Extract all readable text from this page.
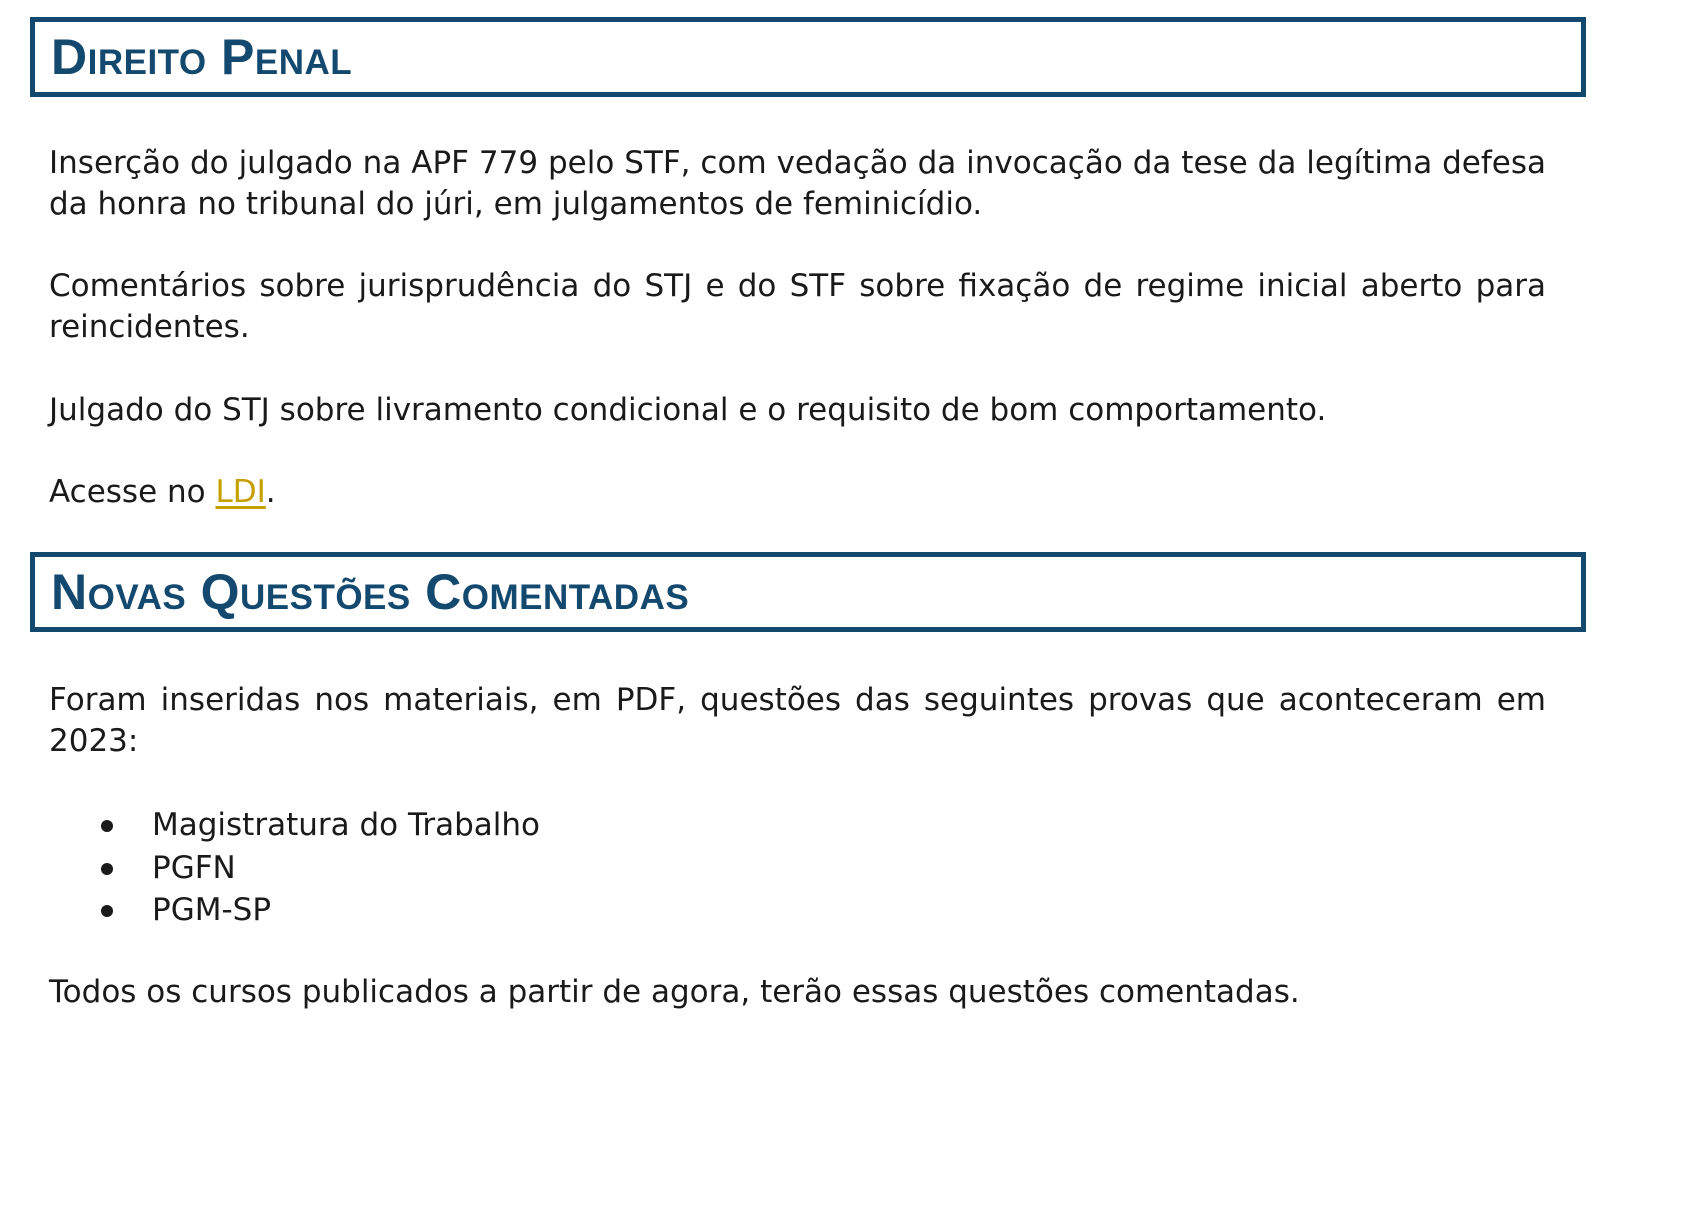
Direito Penal

Inserção do julgado na APF 779 pelo STF, com vedação da invocação da tese da legítima defesa da honra no tribunal do júri, em julgamentos de feminicídio.

Comentários sobre jurisprudência do STJ e do STF sobre fixação de regime inicial aberto para reincidentes.

Julgado do STJ sobre livramento condicional e o requisito de bom comportamento.

Acesse no LDI.

Novas Questões Comentadas

Foram inseridas nos materiais, em PDF, questões das seguintes provas que aconteceram em
2023:

Magistratura do Trabalho
PGFN
PGM-SP

Todos os cursos publicados a partir de agora, terão essas questões comentadas.
